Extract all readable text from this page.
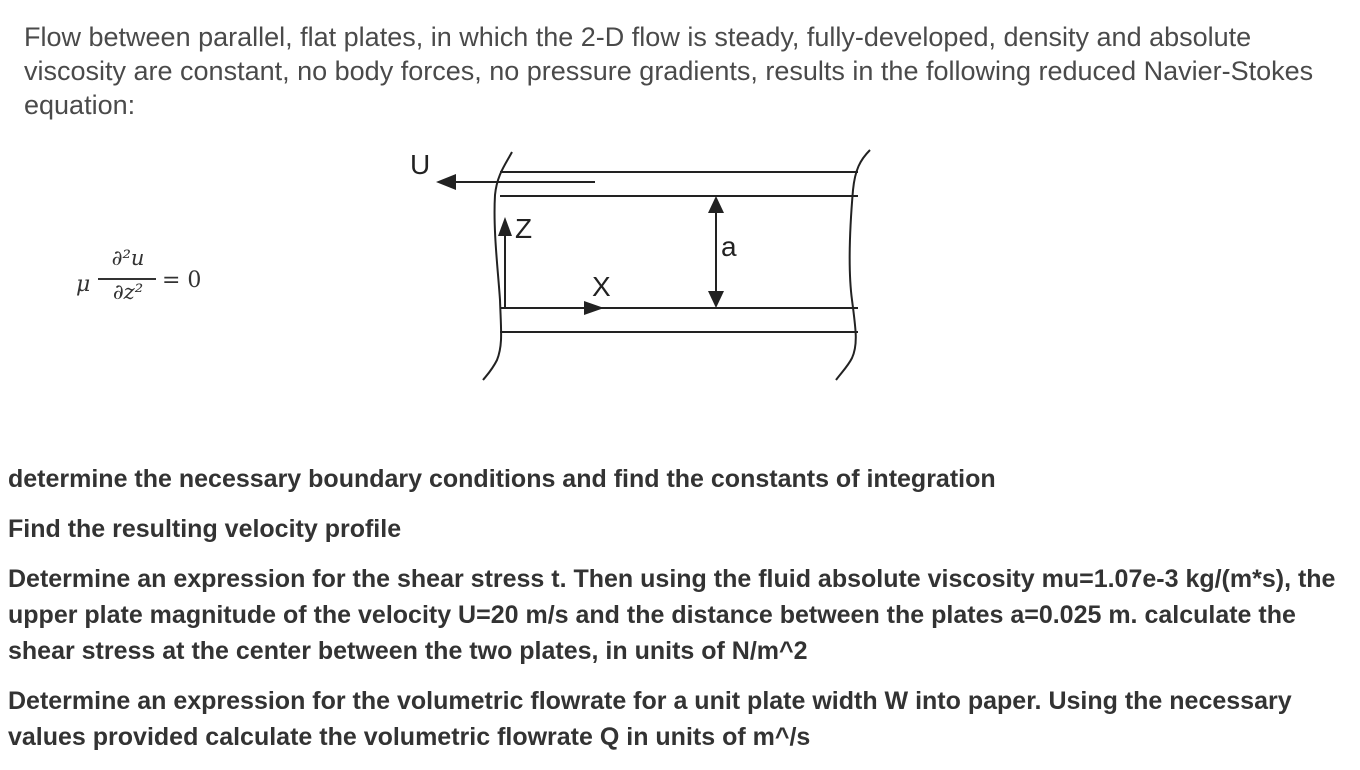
Flow between parallel, flat plates, in which the 2-D flow is steady, fully-developed, density and absolute viscosity are constant, no body forces, no pressure gradients, results in the following reduced Navier-Stokes equation:

μ
∂²u
∂z² = 0
U
Z
X
a

determine the necessary boundary conditions and find the constants of integration

Find the resulting velocity profile

Determine an expression for the shear stress t. Then using the fluid absolute viscosity mu=1.07e-3 kg/(m*s), the upper plate magnitude of the velocity U=20 m/s and the distance between the plates a=0.025 m. calculate the shear stress at the center between the two plates, in units of N/m^2

Determine an expression for the volumetric flowrate for a unit plate width W into paper. Using the necessary values provided calculate the volumetric flowrate Q in units of m^/s
